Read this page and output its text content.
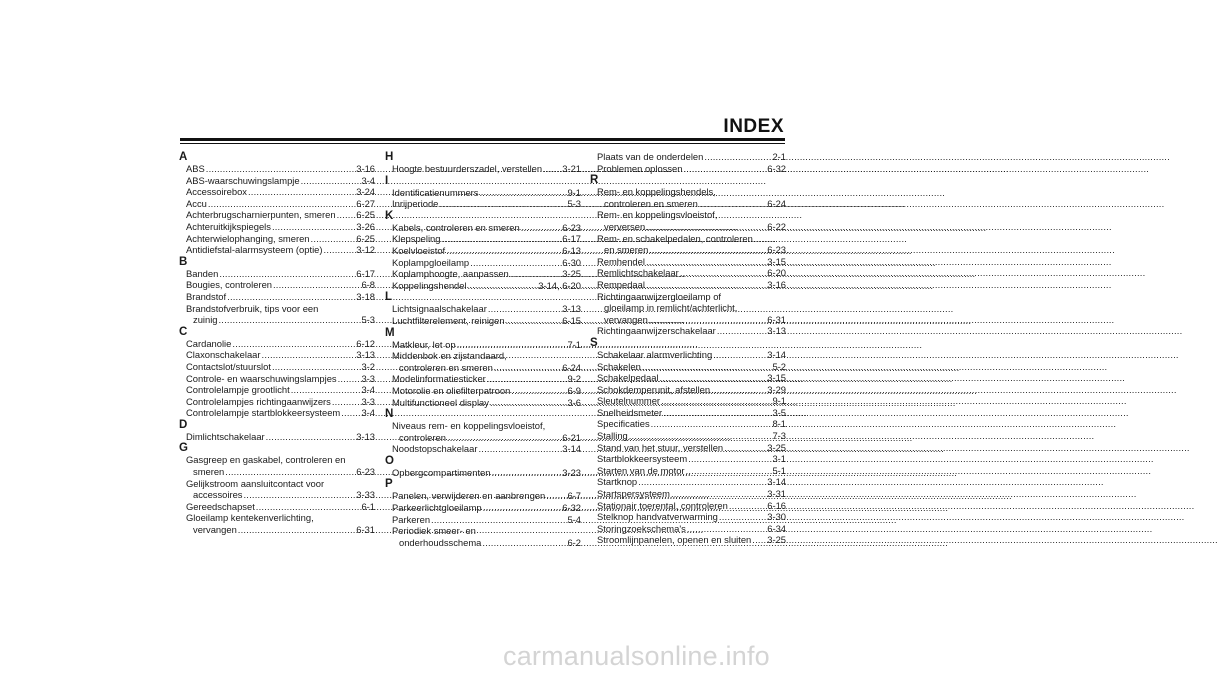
INDEX
A
ABS .....	3-16
ABS-waarschuwingslampje .....	3-4
Accessoirebox .....	3-24
Accu .....	6-27
Achterbrugscharnierpunten, smeren ..... 6-25
Achteruitkijkspiegels .....	3-26
Achterwielophanging, smeren .....	6-25
Antidiefstal-alarmsysteem (optie) .....	3-12
B
Banden .....	6-17
Bougies, controleren .....	6-8
Brandstof .....	3-18
Brandstofverbruik, tips voor een
zuinig .....	5-3
C
Cardanolie .....	6-12
Claxonschakelaar .....	3-13
Contactslot/stuurslot .....	3-2
Controle- en waarschuwingslampjes .....	3-3
Controlelampje grootlicht .....	3-4
Controlelampjes richtingaanwijzers .....	3-3
Controlelampje startblokkeersysteem ..... 3-4
D
Dimlichtschakelaar .....	3-13
G
Gasgreep en gaskabel, controleren en
smeren .....	6-23
Gelijkstroom aansluitcontact voor
accessoires .....	3-33
Gereedschapset .....	6-1
Gloeilamp kentekenverlichting,
vervangen .....	6-31
H
Hoogte bestuurderszadel, verstellen ..... 3-21
I
Identificatienummers .....	9-1
Inrijperiode .....	5-3
K
Kabels, controleren en smeren .....	6-23
Klepspeling .....	6-17
Koelvloeistof .....	6-13
Koplampgloeilamp .....	6-30
Koplamphoogte, aanpassen .....	3-25
Koppelingshendel .....	3-14, 6-20
L
Lichtsignaalschakelaar .....	3-13
Luchtfilterelement, reinigen .....	6-15
M
Matkleur, let op .....	7-1
Middenbok en zijstandaard,
controleren en smeren .....	6-24
Modelinformatiesticker .....	9-2
Motorolie en oliefilterpatroon .....	6-9
Multifunctioneel display .....	3-6
N
Niveaus rem- en koppelingsvloeistof,
controleren .....	6-21
Noodstopschakelaar .....	3-14
O
Opbergcompartimenten .....	3-23
P
Panelen, verwijderen en aanbrengen ..... 6-7
Parkeerlichtgloeilamp .....	6-32
Parkeren .....	5-4
Periodiek smeer- en
onderhoudsschema .....	6-2
Plaats van de onderdelen .....	2-1
Problemen oplossen .....	6-32
R
Rem- en koppelingshendels,
controleren en smeren .....	6-24
Rem- en koppelingsvloeistof,
verversen .....	6-22
Rem- en schakelpedalen, controleren
en smeren .....	6-23
Remhendel .....	3-15
Remlichtschakelaar .....	6-20
Rempedaal .....	3-16
Richtingaanwijzergloeilamp of
gloeilamp in remlicht/achterlicht,
vervangen .....	6-31
Richtingaanwijzerschakelaar .....	3-13
S
Schakelaar alarmverlichting .....	3-14
Schakelen .....	5-2
Schakelpedaal .....	3-15
Schokdemperunit, afstellen .....	3-29
Sleutelnummer .....	9-1
Snelheidsmeter .....	3-5
Specificaties .....	8-1
Stalling .....	7-3
Stand van het stuur, verstellen .....	3-25
Startblokkeersysteem .....	3-1
Starten van de motor .....	5-1
Startknop .....	3-14
Startspersysteem .....	3-31
Stationair toerental, controleren .....	6-16
Stelknop handvatverwarming .....	3-30
Storingzoekschema's .....	6-34
Stroomlijnpanelen, openen en sluiten ..... 3-25
carmanualsonline.info
